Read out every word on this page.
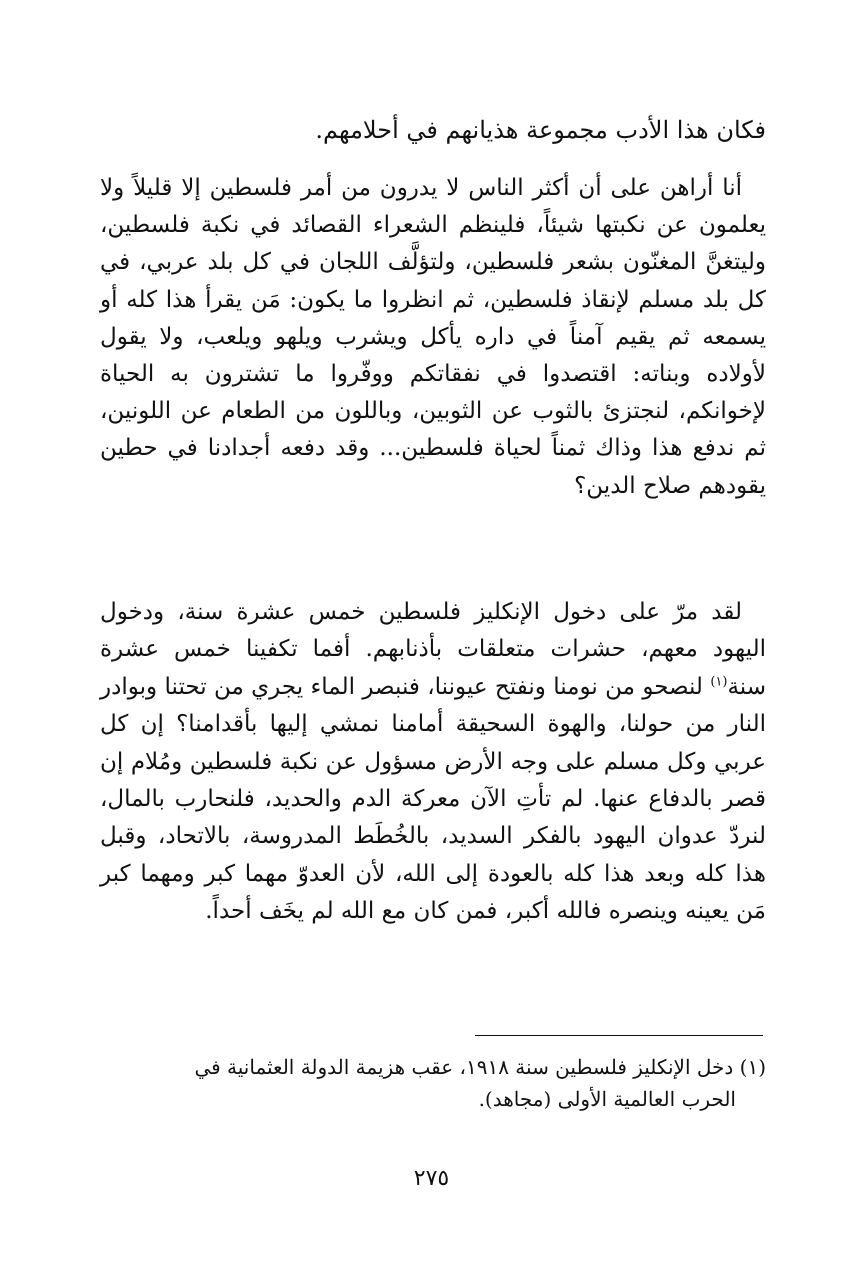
فكان هذا الأدب مجموعة هذيانهم في أحلامهم.
أنا أراهن على أن أكثر الناس لا يدرون من أمر فلسطين إلا قليلاً ولا يعلمون عن نكبتها شيئاً، فلينظم الشعراء القصائد في نكبة فلسطين، وليتغنَّ المغنّون بشعر فلسطين، ولتؤلَّف اللجان في كل بلد عربي، في كل بلد مسلم لإنقاذ فلسطين، ثم انظروا ما يكون: مَن يقرأ هذا كله أو يسمعه ثم يقيم آمناً في داره يأكل ويشرب ويلهو ويلعب، ولا يقول لأولاده وبناته: اقتصدوا في نفقاتكم ووفّروا ما تشترون به الحياة لإخوانكم، لنجتزئ بالثوب عن الثوبين، وباللون من الطعام عن اللونين، ثم ندفع هذا وذاك ثمناً لحياة فلسطين... وقد دفعه أجدادنا في حطين يقودهم صلاح الدين؟
لقد مرّ على دخول الإنكليز فلسطين خمس عشرة سنة، ودخول اليهود معهم، حشرات متعلقات بأذنابهم. أفما تكفينا خمس عشرة سنة$^{(١)}$ لنصحو من نومنا ونفتح عيوننا، فنبصر الماء يجري من تحتنا وبوادر النار من حولنا، والهوة السحيقة أمامنا نمشي إليها بأقدامنا؟ إن كل عربي وكل مسلم على وجه الأرض مسؤول عن نكبة فلسطين ومُلام إن قصر بالدفاع عنها. لم تأتِ الآن معركة الدم والحديد، فلنحارب بالمال، لنردّ عدوان اليهود بالفكر السديد، بالخُطَط المدروسة، بالاتحاد، وقبل هذا كله وبعد هذا كله بالعودة إلى الله، لأن العدوّ مهما كبر ومهما كبر مَن يعينه وينصره فالله أكبر، فمن كان مع الله لم يخَف أحداً.
(١) دخل الإنكليز فلسطين سنة ١٩١٨، عقب هزيمة الدولة العثمانية في
الحرب العالمية الأولى (مجاهد).
٢٧٥
